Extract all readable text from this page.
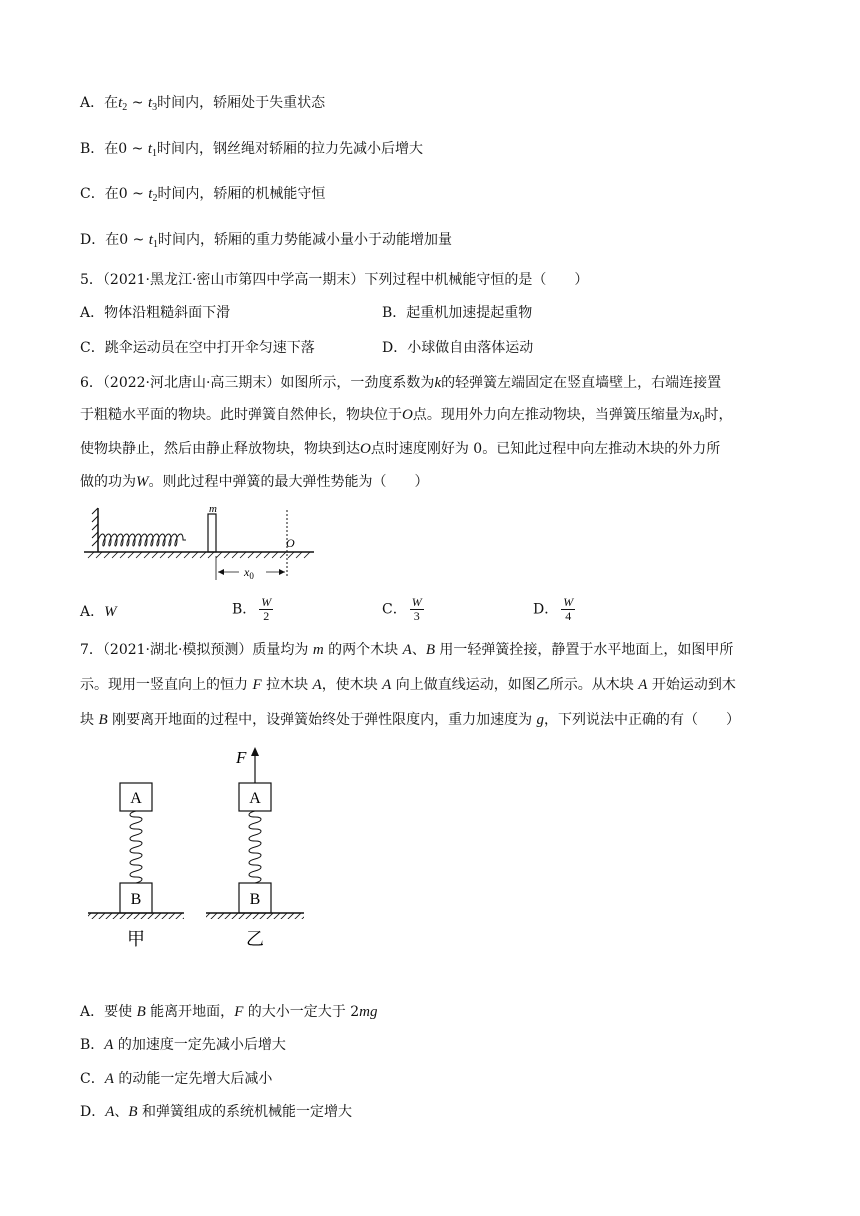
A．在$t_2$ ~ $t_3$时间内，轿厢处于失重状态
B．在0 ~ $t_1$时间内，钢丝绳对轿厢的拉力先减小后增大
C．在0 ~ $t_2$时间内，轿厢的机械能守恒
D．在0 ~ $t_1$时间内，轿厢的重力势能减小量小于动能增加量
5．（2021·黑龙江·密山市第四中学高一期末）下列过程中机械能守恒的是（　　）
A．物体沿粗糙斜面下滑	B．起重机加速提起重物
C．跳伞运动员在空中打开伞匀速下落	D．小球做自由落体运动
6．（2022·河北唐山·高三期末）如图所示，一劲度系数为k的轻弹簧左端固定在竖直墙壁上，右端连接置
于粗糙水平面的物块。此时弹簧自然伸长，物块位于O点。现用外力向左推动物块，当弹簧压缩量为$x_0$时，
使物块静止，然后由静止释放物块，物块到达O点时速度刚好为 0。已知此过程中向左推动木块的外力所
做的功为W。则此过程中弹簧的最大弹性势能为（　　）
m
O
$x_0$
A．W	B． $\frac{W}{2}$	C． $\frac{W}{3}$	D． $\frac{W}{4}$
7．（2021·湖北·模拟预测）质量均为 m 的两个木块 A、B 用一轻弹簧拴接，静置于水平地面上，如图甲所
示。现用一竖直向上的恒力 F 拉木块 A，使木块 A 向上做直线运动，如图乙所示。从木块 A 开始运动到木
块 B 刚要离开地面的过程中，设弹簧始终处于弹性限度内，重力加速度为 g，下列说法中正确的有（　　）
A
B
甲
F
A
B
乙
A．要使 B 能离开地面，F 的大小一定大于 2mg
B．A 的加速度一定先减小后增大
C．A 的动能一定先增大后减小
D．A、B 和弹簧组成的系统机械能一定增大
